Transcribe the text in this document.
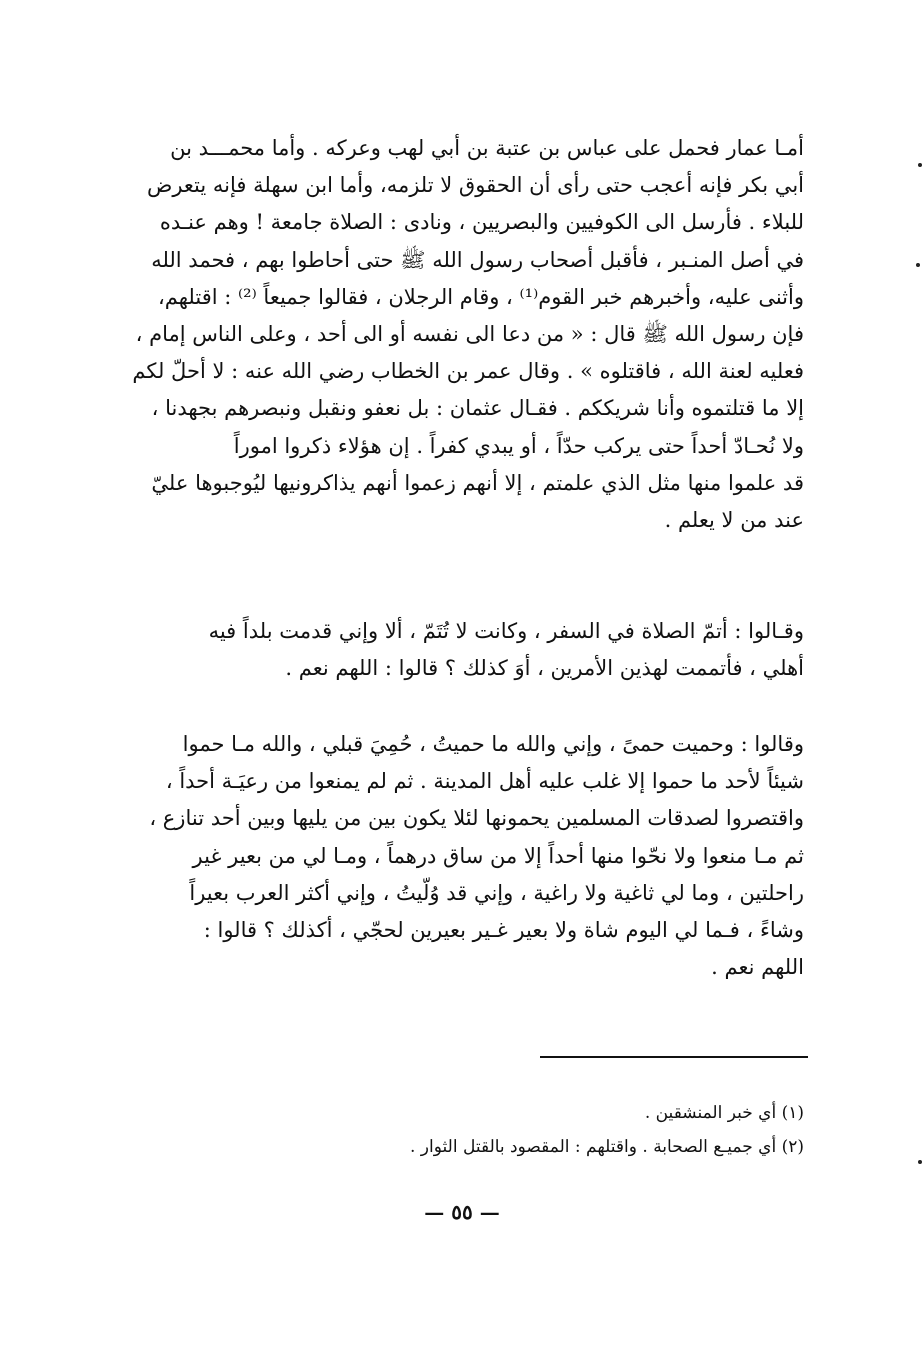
أمـا عمار فحمل على عباس بن عتبة بن أبي لهب وعركه . وأما محمـــد بن
أبي بكر فإنه أعجب حتى رأى أن الحقوق لا تلزمه، وأما ابن سهلة فإنه يتعرض
للبلاء . فأرسل الى الكوفيين والبصريين ، ونادى : الصلاة جامعة ! وهم عنـده
في أصل المنـبر ، فأقبل أصحاب رسول الله ﷺ حتى أحاطوا بهم ، فحمد الله
وأثنى عليه، وأخبرهم خبر القوم⁽¹⁾ ، وقام الرجلان ، فقالوا جميعاً ⁽²⁾ : اقتلهم،
فإن رسول الله ﷺ قال : « من دعا الى نفسه أو الى أحد ، وعلى الناس إمام ،
فعليه لعنة الله ، فاقتلوه » . وقال عمر بن الخطاب رضي الله عنه : لا أحلّ لكم
إلا ما قتلتموه وأنا شريككم . فقـال عثمان : بل نعفو ونقبل ونبصرهم بجهدنا ،
ولا نُحـادّ أحداً حتى يركب حدّاً ، أو يبدي كفراً . إن هؤلاء ذكروا اموراً
قد علموا منها مثل الذي علمتم ، إلا أنهم زعموا أنهم يذاكرونيها ليُوجبوها عليّ
عند من لا يعلم .
وقـالوا : أتمّ الصلاة في السفر ، وكانت لا تُتَمّ ، ألا وإني قدمت بلداً فيه
أهلي ، فأتممت لهذين الأمرين ، أوَ كذلك ؟ قالوا : اللهم نعم .
وقالوا : وحميت حمىً ، وإني والله ما حميتُ ، حُمِيَ قبلي ، والله مـا حموا
شيئاً لأحد ما حموا إلا غلب عليه أهل المدينة . ثم لم يمنعوا من رعيَـة أحداً ،
واقتصروا لصدقات المسلمين يحمونها لئلا يكون بين من يليها وبين أحد تنازع ،
ثم مـا منعوا ولا نحّوا منها أحداً إلا من ساق درهماً ، ومـا لي من بعير غير
راحلتين ، وما لي ثاغية ولا راغية ، وإني قد وُلّيتُ ، وإني أكثر العرب بعيراً
وشاءً ، فـما لي اليوم شاة ولا بعير غـير بعيرين لحجّي ، أكذلك ؟ قالوا :
اللهم نعم .
(١) أي خبر المنشقين .
(٢) أي جميـع الصحابة . واقتلهم : المقصود بالقتل الثوار .
— ٥٥ —
